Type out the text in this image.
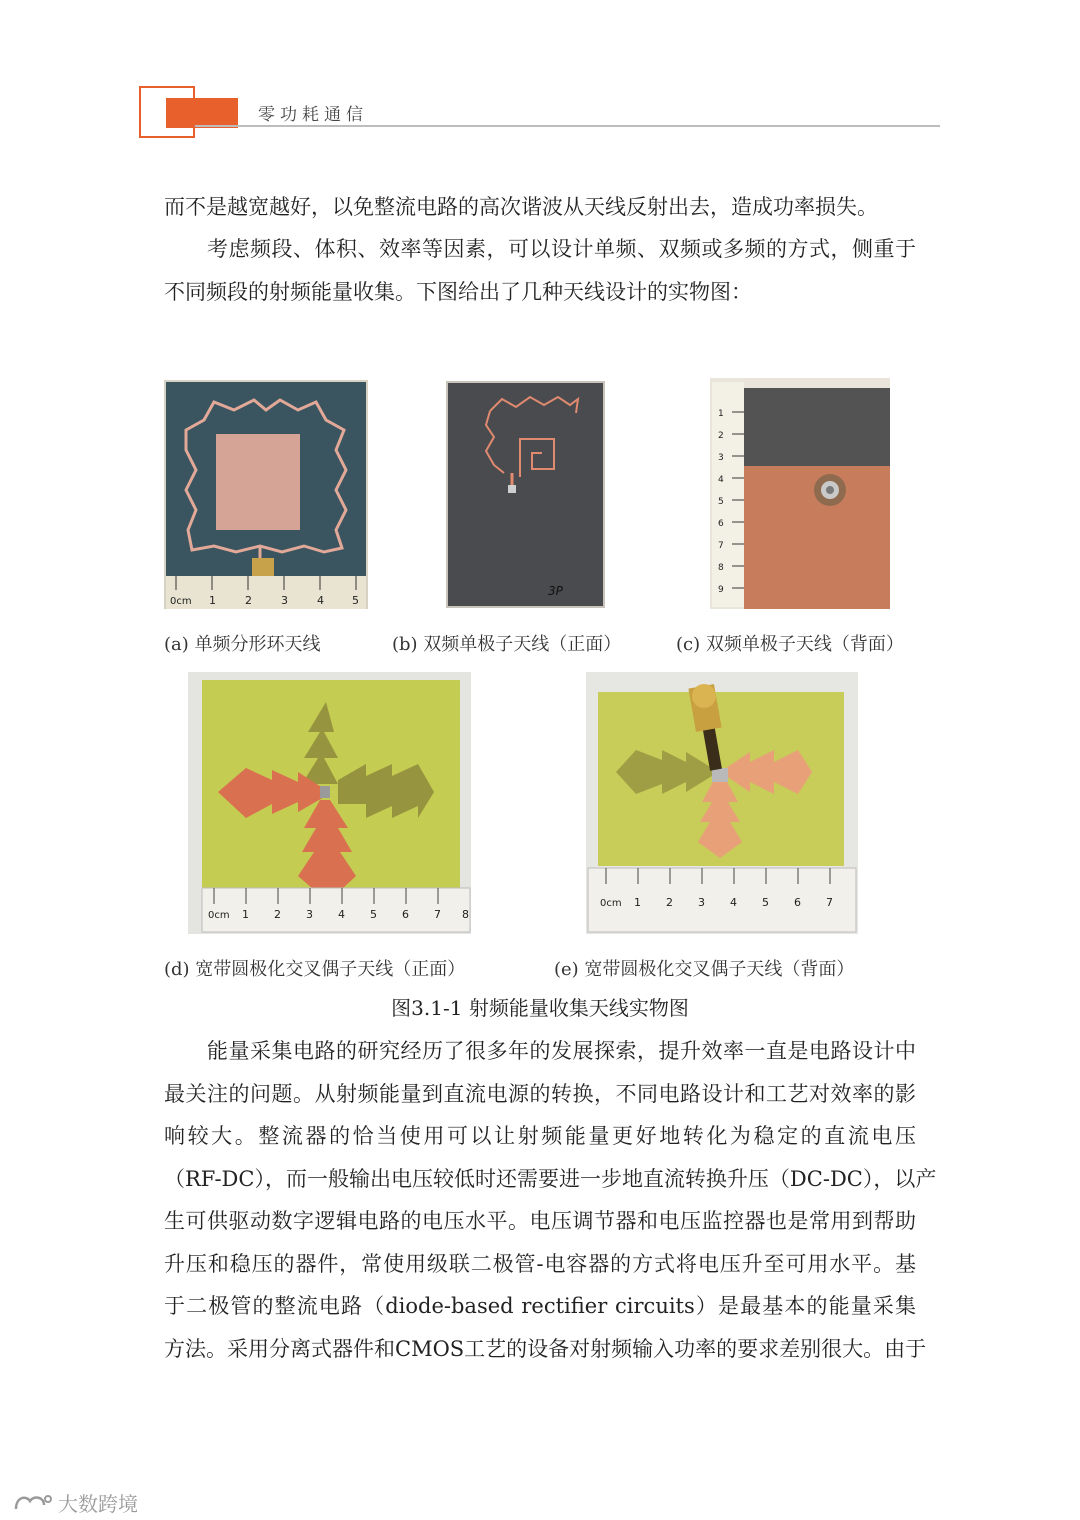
零功耗通信
而不是越宽越好，以免整流电路的高次谐波从天线反射出去，造成功率损失。
　　考虑频段、体积、效率等因素，可以设计单频、双频或多频的方式，侧重于
不同频段的射频能量收集。下图给出了几种天线设计的实物图：
0cm 1	2	3	4	5
3P
1
2
3
4
5
6
7
8
9
(a) 单频分形环天线	(b) 双频单极子天线（正面）	(c) 双频单极子天线（背面）
0cm 1 2 3 4 5 6 7 8
0cm 1 2 3 4 5 6 7
(d) 宽带圆极化交叉偶子天线（正面）	(e) 宽带圆极化交叉偶子天线（背面）
图3.1-1 射频能量收集天线实物图
　　能量采集电路的研究经历了很多年的发展探索，提升效率一直是电路设计中
最关注的问题。从射频能量到直流电源的转换，不同电路设计和工艺对效率的影
响较大。整流器的恰当使用可以让射频能量更好地转化为稳定的直流电压
（RF-DC），而一般输出电压较低时还需要进一步地直流转换升压（DC-DC），以产
生可供驱动数字逻辑电路的电压水平。电压调节器和电压监控器也是常用到帮助
升压和稳压的器件，常使用级联二极管-电容器的方式将电压升至可用水平。基
于二极管的整流电路（diode-based rectifier circuits）是最基本的能量采集
方法。采用分离式器件和CMOS工艺的设备对射频输入功率的要求差别很大。由于
大数跨境
